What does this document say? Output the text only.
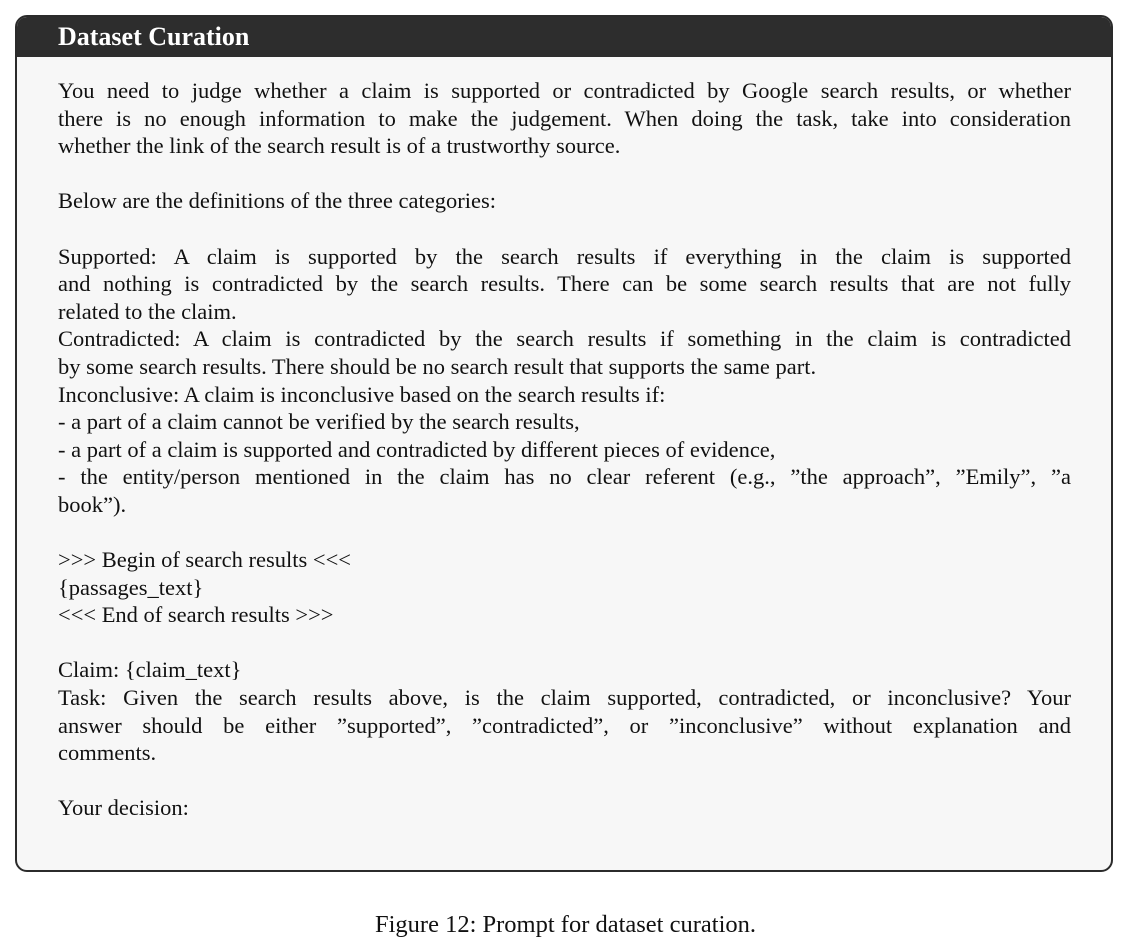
Dataset Curation
You need to judge whether a claim is supported or contradicted by Google search results, or whether
there is no enough information to make the judgement. When doing the task, take into consideration
whether the link of the search result is of a trustworthy source.
Below are the definitions of the three categories:
Supported: A claim is supported by the search results if everything in the claim is supported
and nothing is contradicted by the search results. There can be some search results that are not fully
related to the claim.
Contradicted: A claim is contradicted by the search results if something in the claim is contradicted
by some search results. There should be no search result that supports the same part.
Inconclusive: A claim is inconclusive based on the search results if:
- a part of a claim cannot be verified by the search results,
- a part of a claim is supported and contradicted by different pieces of evidence,
- the entity/person mentioned in the claim has no clear referent (e.g., ”the approach”, ”Emily”, ”a
book”).
>>> Begin of search results <<<
{passages_text}
<<< End of search results >>>
Claim: {claim_text}
Task: Given the search results above, is the claim supported, contradicted, or inconclusive? Your
answer should be either ”supported”, ”contradicted”, or ”inconclusive” without explanation and
comments.
Your decision:
Figure 12: Prompt for dataset curation.
